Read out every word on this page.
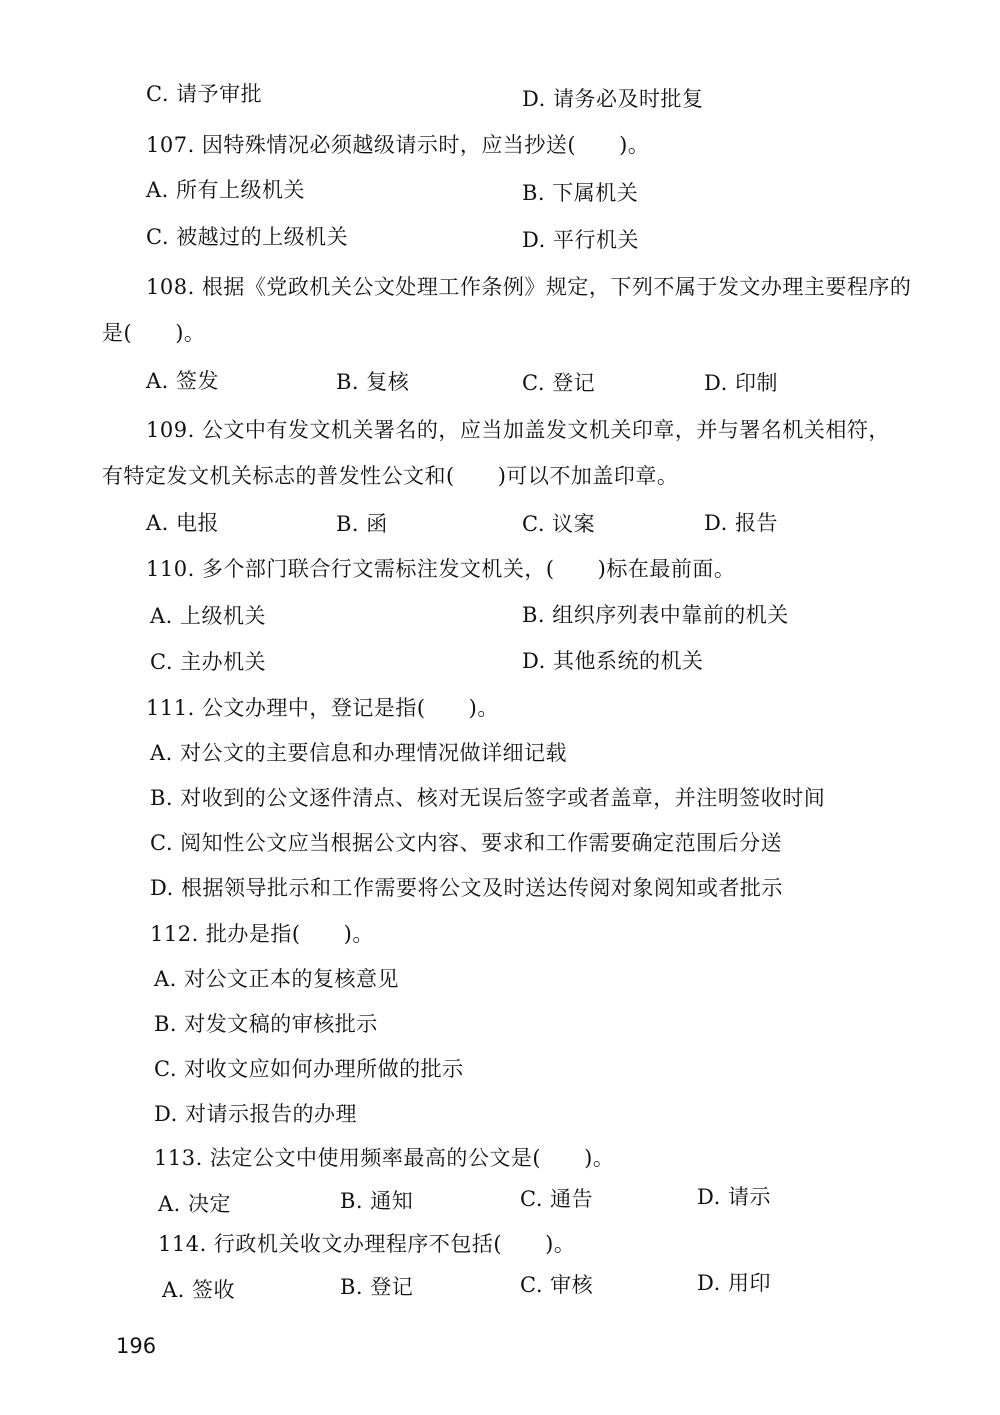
C. 请予审批	D. 请务必及时批复
107. 因特殊情况必须越级请示时，应当抄送(　　)。
A. 所有上级机关	B. 下属机关
C. 被越过的上级机关	D. 平行机关
108. 根据《党政机关公文处理工作条例》规定，下列不属于发文办理主要程序的
是(　　)。
A. 签发	B. 复核	C. 登记	D. 印制
109. 公文中有发文机关署名的，应当加盖发文机关印章，并与署名机关相符，
有特定发文机关标志的普发性公文和(　　)可以不加盖印章。
A. 电报	B. 函	C. 议案	D. 报告
110. 多个部门联合行文需标注发文机关，(　　)标在最前面。
A. 上级机关	B. 组织序列表中靠前的机关
C. 主办机关	D. 其他系统的机关
111. 公文办理中，登记是指(　　)。
A. 对公文的主要信息和办理情况做详细记载
B. 对收到的公文逐件清点、核对无误后签字或者盖章，并注明签收时间
C. 阅知性公文应当根据公文内容、要求和工作需要确定范围后分送
D. 根据领导批示和工作需要将公文及时送达传阅对象阅知或者批示
112. 批办是指(　　)。
A. 对公文正本的复核意见
B. 对发文稿的审核批示
C. 对收文应如何办理所做的批示
D. 对请示报告的办理
113. 法定公文中使用频率最高的公文是(　　)。
A. 决定	B. 通知	C. 通告	D. 请示
114. 行政机关收文办理程序不包括(　　)。
A. 签收	B. 登记	C. 审核	D. 用印
196
